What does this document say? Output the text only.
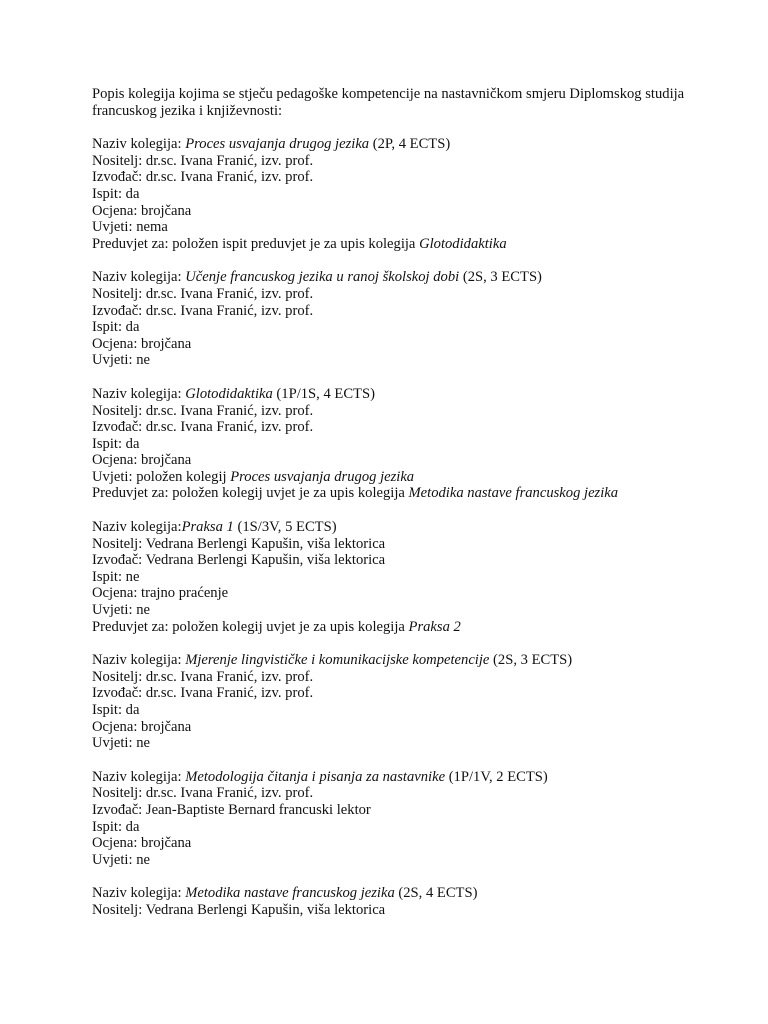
Popis kolegija kojima se stječu pedagoške kompetencije na nastavničkom smjeru Diplomskog studija francuskog jezika i književnosti:

Naziv kolegija: Proces usvajanja drugog jezika (2P, 4 ECTS)
Nositelj: dr.sc. Ivana Franić, izv. prof.
Izvođač: dr.sc. Ivana Franić, izv. prof.
Ispit: da
Ocjena: brojčana
Uvjeti: nema
Preduvjet za: položen ispit preduvjet je za upis kolegija Glotodidaktika
Naziv kolegija: Učenje francuskog jezika u ranoj školskoj dobi (2S, 3 ECTS)
Nositelj: dr.sc. Ivana Franić, izv. prof.
Izvođač: dr.sc. Ivana Franić, izv. prof.
Ispit: da
Ocjena: brojčana
Uvjeti: ne
Naziv kolegija: Glotodidaktika (1P/1S, 4 ECTS)
Nositelj: dr.sc. Ivana Franić, izv. prof.
Izvođač: dr.sc. Ivana Franić, izv. prof.
Ispit: da
Ocjena: brojčana
Uvjeti: položen kolegij Proces usvajanja drugog jezika
Preduvjet za: položen kolegij uvjet je za upis kolegija Metodika nastave francuskog jezika
Naziv kolegija:Praksa 1 (1S/3V, 5 ECTS)
Nositelj: Vedrana Berlengi Kapušin, viša lektorica
Izvođač: Vedrana Berlengi Kapušin, viša lektorica
Ispit: ne
Ocjena: trajno praćenje
Uvjeti: ne
Preduvjet za: položen kolegij uvjet je za upis kolegija Praksa 2
Naziv kolegija: Mjerenje lingvističke i komunikacijske kompetencije (2S, 3 ECTS)
Nositelj: dr.sc. Ivana Franić, izv. prof.
Izvođač: dr.sc. Ivana Franić, izv. prof.
Ispit: da
Ocjena: brojčana
Uvjeti: ne
Naziv kolegija: Metodologija čitanja i pisanja za nastavnike (1P/1V, 2 ECTS)
Nositelj: dr.sc. Ivana Franić, izv. prof.
Izvođač: Jean-Baptiste Bernard francuski lektor
Ispit: da
Ocjena: brojčana
Uvjeti: ne
Naziv kolegija: Metodika nastave francuskog jezika (2S, 4 ECTS)
Nositelj: Vedrana Berlengi Kapušin, viša lektorica
